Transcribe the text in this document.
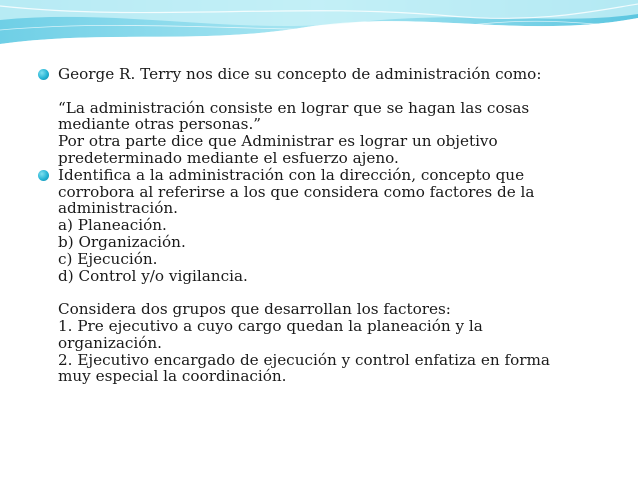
George R. Terry nos dice su concepto de administración como:
“La administración consiste en lograr que se hagan las cosas
mediante otras personas.”
Por otra parte dice que Administrar es lograr un objetivo
predeterminado mediante el esfuerzo ajeno.
Identifica a la administración con la dirección, concepto que
corrobora al referirse a los que considera como factores de la
administración.
a) Planeación.
b) Organización.
c) Ejecución.
d) Control y/o vigilancia.
Considera dos grupos que desarrollan los factores:
1. Pre ejecutivo a cuyo cargo quedan la planeación y la
organización.
2. Ejecutivo encargado de ejecución y control enfatiza en forma
muy especial la coordinación.
